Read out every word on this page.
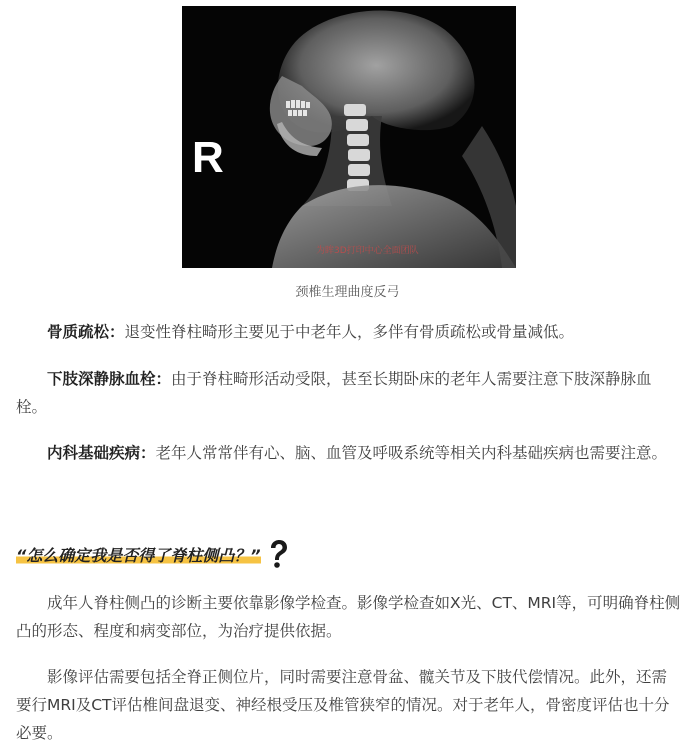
R
为眸3D打印中心全面团队
颈椎生理曲度反弓

骨质疏松：退变性脊柱畸形主要见于中老年人，多伴有骨质疏松或骨量减低。

下肢深静脉血栓：由于脊柱畸形活动受限，甚至长期卧床的老年人需要注意下肢深静脉血栓。

内科基础疾病：老年人常常伴有心、脑、血管及呼吸系统等相关内科基础疾病也需要注意。

“怎么确定我是否得了脊柱侧凸？”

成年人脊柱侧凸的诊断主要依靠影像学检查。影像学检查如X光、CT、MRI等，可明确脊柱侧凸的形态、程度和病变部位，为治疗提供依据。

影像评估需要包括全脊正侧位片，同时需要注意骨盆、髋关节及下肢代偿情况。此外，还需要行MRI及CT评估椎间盘退变、神经根受压及椎管狭窄的情况。对于老年人，骨密度评估也十分必要。
